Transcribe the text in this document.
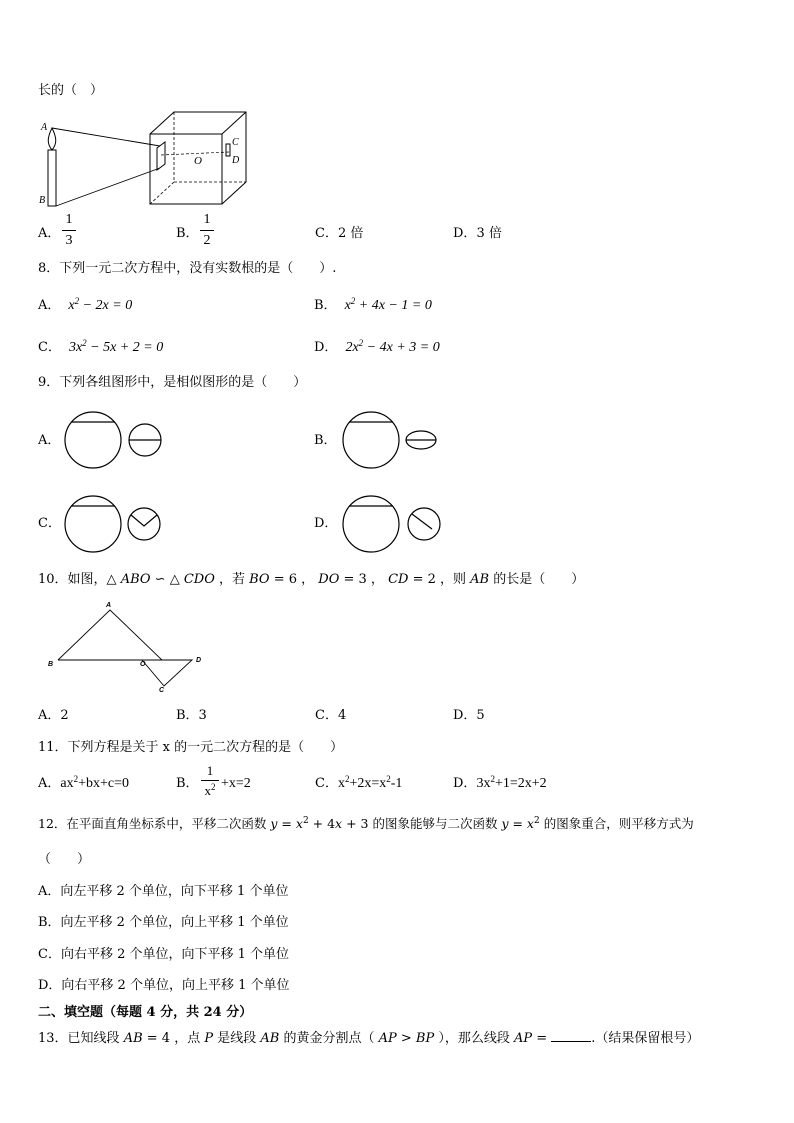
长的（　）
A
B
O
C
D
A．
1
3	B．
1
2	C．2 倍	D．3 倍
8．下列一元二次方程中，没有实数根的是（　　）.
A． $x^2 - 2x = 0$	B． $x^2 + 4x - 1 = 0$
C． $3x^2 - 5x + 2 = 0$	D． $2x^2 - 4x + 3 = 0$
9．下列各组图形中，是相似图形的是（　　）
A．	B．
C．	D．
10．如图，△ ABO ∽ △ CDO ，若 BO = 6 ， DO = 3 ， CD = 2 ，则 AB 的长是（　　）
A
B	O
D
C
A．2	B．3	C．4	D．5
11．下列方程是关于 x 的一元二次方程的是（　　）
A．$ax^2+bx+c=0$	B．
1
$x^2 +x=2$	C．$x^2+2x=x^2-1$	D．$3x^2+1=2x+2$
12．在平面直角坐标系中，平移二次函数 $y = x^2 + 4x + 3$ 的图象能够与二次函数 $y = x^2$ 的图象重合，则平移方式为
（　　）
A．向左平移 2 个单位，向下平移 1 个单位
B．向左平移 2 个单位，向上平移 1 个单位
C．向右平移 2 个单位，向下平移 1 个单位
D．向右平移 2 个单位，向上平移 1 个单位
二、填空题（每题 4 分，共 24 分）
13．已知线段 AB = 4 ，点 P 是线段 AB 的黄金分割点（ AP > BP ），那么线段 AP =	.（结果保留根号）
